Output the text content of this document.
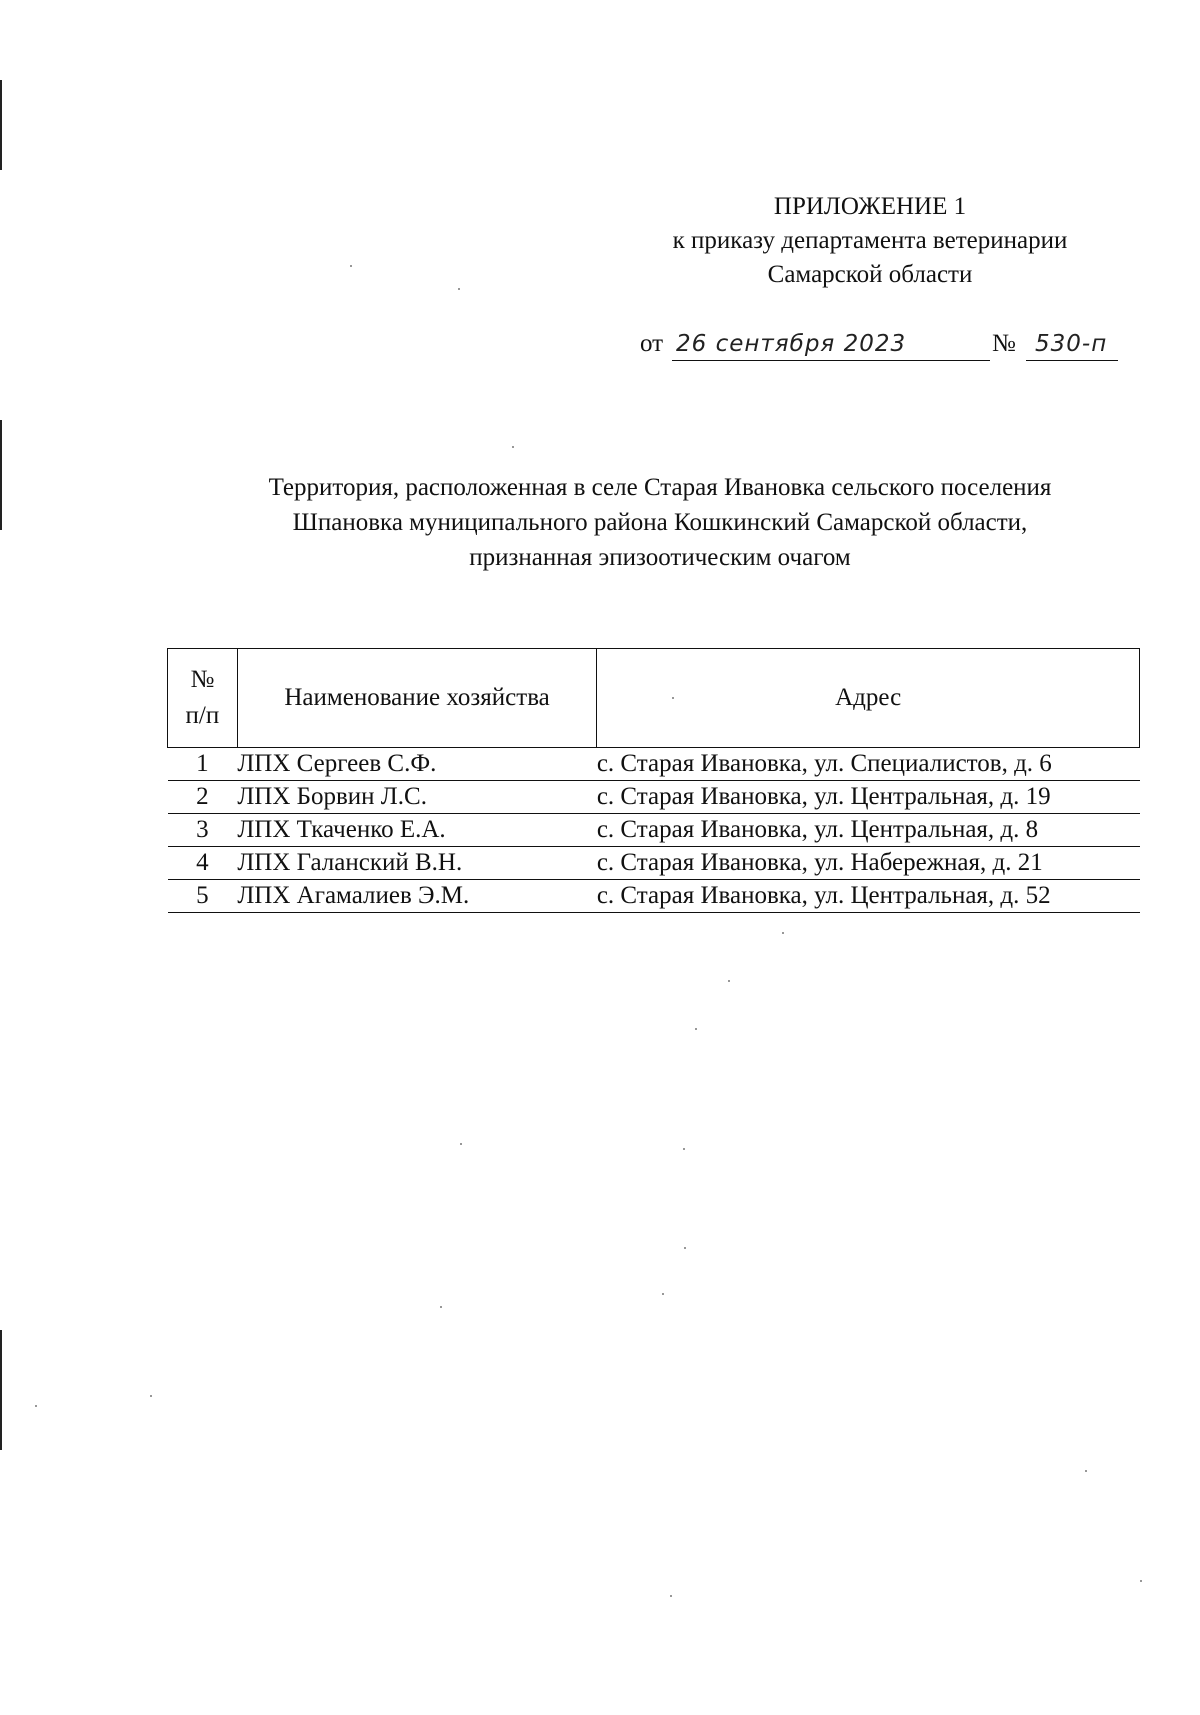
ПРИЛОЖЕНИЕ 1
к приказу департамента ветеринарии
Самарской области
от 26 сентября 2023	№ 530-п
Территория, расположенная в селе Старая Ивановка сельского поселения
Шпановка муниципального района Кошкинский Самарской области,
признанная эпизоотическим очагом
№
п/п	Наименование хозяйства	Адрес
1	ЛПХ Сергеев С.Ф.	с. Старая Ивановка, ул. Специалистов, д. 6
2	ЛПХ Борвин Л.С.	с. Старая Ивановка, ул. Центральная, д. 19
3	ЛПХ Ткаченко Е.А.	с. Старая Ивановка, ул. Центральная, д. 8
4	ЛПХ Галанский В.Н.	с. Старая Ивановка, ул. Набережная, д. 21
5	ЛПХ Агамалиев Э.М.	с. Старая Ивановка, ул. Центральная, д. 52
